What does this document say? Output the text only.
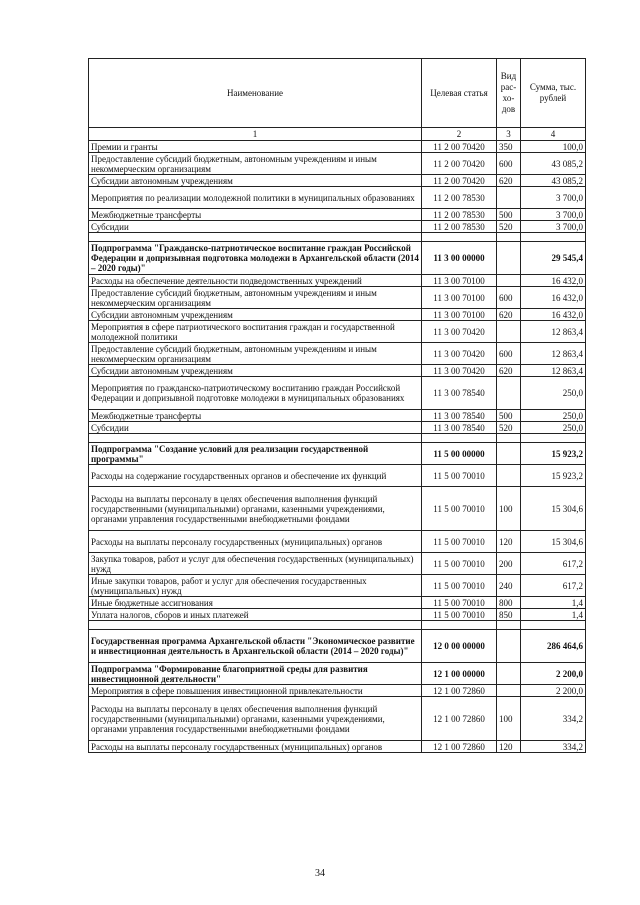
Наименование	Целевая статья	Вид рас-хо-дов	Сумма, тыс. рублей
1	2	3	4
Премии и гранты	11 2 00 70420	350	100,0
Предоставление субсидий бюджетным, автономным учреждениям и иным некоммерческим организациям	11 2 00 70420	600	43 085,2
Субсидии автономным учреждениям	11 2 00 70420	620	43 085,2
Мероприятия по реализации молодежной политики в муниципальных образованиях	11 2 00 78530		3 700,0
Межбюджетные трансферты	11 2 00 78530	500	3 700,0
Субсидии	11 2 00 78530	520	3 700,0

Подпрограмма "Гражданско-патриотическое воспитание граждан Российской Федерации и допризывная подготовка молодежи в Архангельской области (2014 – 2020 годы)"	11 3 00 00000		29 545,4
Расходы на обеспечение деятельности подведомственных учреждений	11 3 00 70100		16 432,0
Предоставление субсидий бюджетным, автономным учреждениям и иным некоммерческим организациям	11 3 00 70100	600	16 432,0
Субсидии автономным учреждениям	11 3 00 70100	620	16 432,0
Мероприятия в сфере патриотического воспитания граждан и государственной молодежной политики	11 3 00 70420		12 863,4
Предоставление субсидий бюджетным, автономным учреждениям и иным некоммерческим организациям	11 3 00 70420	600	12 863,4
Субсидии автономным учреждениям	11 3 00 70420	620	12 863,4
Мероприятия по гражданско-патриотическому воспитанию граждан Российской Федерации и допризывной подготовке молодежи в муниципальных образованиях	11 3 00 78540		250,0
Межбюджетные трансферты	11 3 00 78540	500	250,0
Субсидии	11 3 00 78540	520	250,0

Подпрограмма "Создание условий для реализации государственной программы"	11 5 00 00000		15 923,2
Расходы на содержание государственных органов и обеспечение их функций	11 5 00 70010		15 923,2
Расходы на выплаты персоналу в целях обеспечения выполнения функций государственными (муниципальными) органами, казенными учреждениями, органами управления государственными внебюджетными фондами	11 5 00 70010	100	15 304,6
Расходы на выплаты персоналу государственных (муниципальных) органов	11 5 00 70010	120	15 304,6
Закупка товаров, работ и услуг для обеспечения государственных (муниципальных) нужд	11 5 00 70010	200	617,2
Иные закупки товаров, работ и услуг для обеспечения государственных (муниципальных) нужд	11 5 00 70010	240	617,2
Иные бюджетные ассигнования	11 5 00 70010	800	1,4
Уплата налогов, сборов и иных платежей	11 5 00 70010	850	1,4

Государственная программа Архангельской области "Экономическое развитие и инвестиционная деятельность в Архангельской области (2014 – 2020 годы)"	12 0 00 00000		286 464,6
Подпрограмма "Формирование благоприятной среды для развития инвестиционной деятельности"	12 1 00 00000		2 200,0
Мероприятия в сфере повышения инвестиционной привлекательности	12 1 00 72860		2 200,0
Расходы на выплаты персоналу в целях обеспечения выполнения функций государственными (муниципальными) органами, казенными учреждениями, органами управления государственными внебюджетными фондами	12 1 00 72860	100	334,2
Расходы на выплаты персоналу государственных (муниципальных) органов	12 1 00 72860	120	334,2
34
